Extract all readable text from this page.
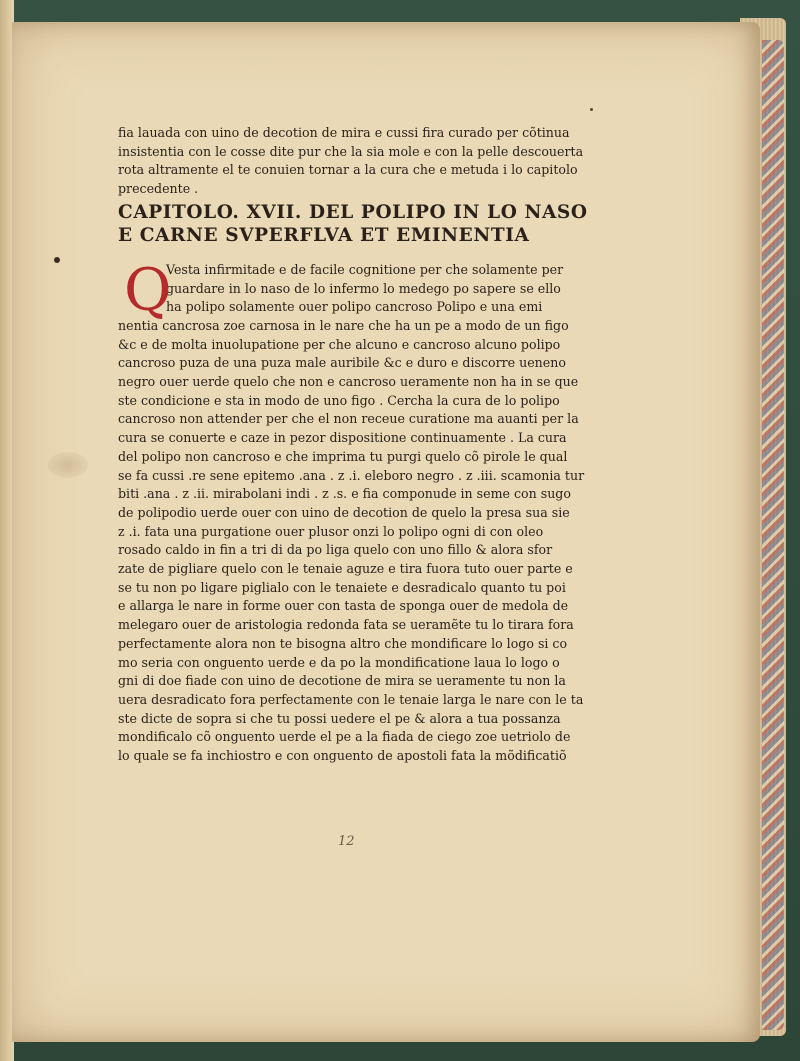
fia lauada con uino de decotion de mira e cussi fira curado per cõtinua
insistentia con le cosse dite pur che la sia mole e con la pelle descouerta
rota altramente el te conuien tornar a la cura che e metuda i lo capitolo
precedente .

CAPITOLO. XVII. DEL POLIPO IN LO NASO
E CARNE SVPERFLVA ET EMINENTIA
Q
Vesta infirmitade e de facile cognitione per che solamente per
guardare in lo naso de lo infermo lo medego po sapere se ello
ha polipo solamente ouer polipo cancroso Polipo e una emi
nentia cancrosa zoe carnosa in le nare che ha un pe a modo de un figo
&c e de molta inuolupatione per che alcuno e cancroso alcuno polipo
cancroso puza de una puza male auribile &c e duro e discorre ueneno
negro ouer uerde quelo che non e cancroso ueramente non ha in se que
ste condicione e sta in modo de uno figo . Cercha la cura de lo polipo
cancroso non attender per che el non receue curatione ma auanti per la
cura se conuerte e caze in pezor dispositione continuamente . La cura
del polipo non cancroso e che imprima tu purgi quelo cõ pirole le qual
se fa cussi .re sene epitemo .ana . z .i. eleboro negro . z .iii. scamonia tur
biti .ana . z .ii. mirabolani indi . z .s. e fia componude in seme con sugo
de polipodio uerde ouer con uino de decotion de quelo la presa sua sie
z .i. fata una purgatione ouer plusor onzi lo polipo ogni di con oleo
rosado caldo in fin a tri di da po liga quelo con uno fillo & alora sfor
zate de pigliare quelo con le tenaie aguze e tira fuora tuto ouer parte e
se tu non po ligare piglialo con le tenaiete e desradicalo quanto tu poi
e allarga le nare in forme ouer con tasta de sponga ouer de medola de
melegaro ouer de aristologia redonda fata se ueramẽte tu lo tirara fora
perfectamente alora non te bisogna altro che mondificare lo logo si co
mo seria con onguento uerde e da po la mondificatione laua lo logo o
gni di doe fiade con uino de decotione de mira se ueramente tu non la
uera desradicato fora perfectamente con le tenaie larga le nare con le ta
ste dicte de sopra si che tu possi uedere el pe & alora a tua possanza
mondificalo cõ onguento uerde el pe a la fiada de ciego zoe uetriolo de
lo quale se fa inchiostro e con onguento de apostoli fata la mõdificatiõ
12
